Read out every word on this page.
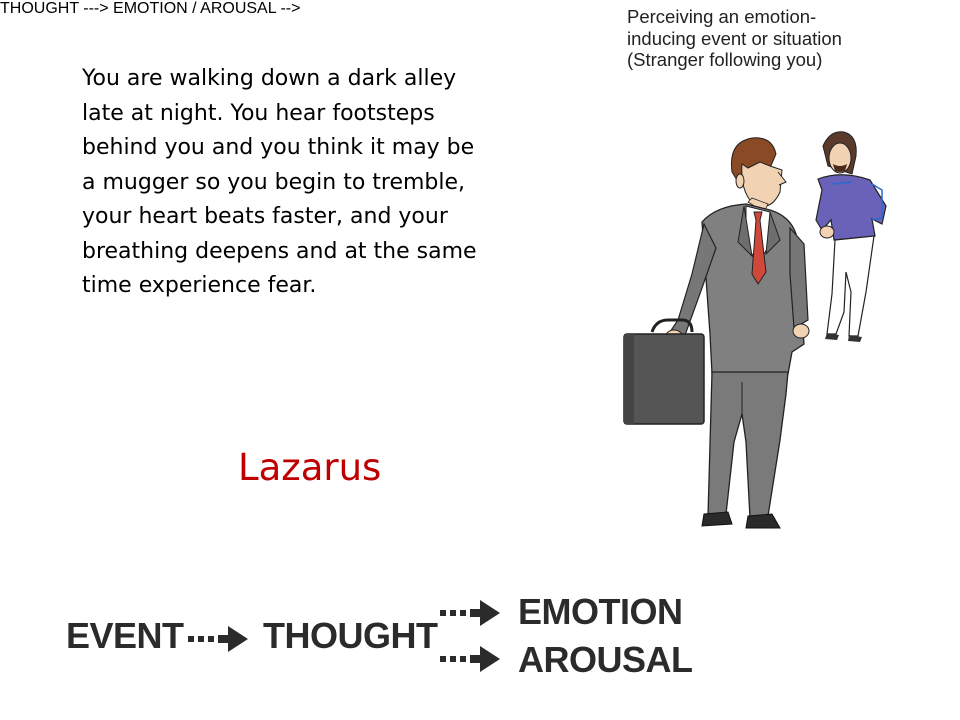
You are walking down a dark alley
late at night. You hear footsteps
behind you and you think it may be
a mugger so you begin to tremble,
your heart beats faster, and your
breathing deepens and at the same
time experience fear.

Lazarus
Perceiving an emotion-
inducing event or situation
(Stranger following you)
THOUGHT ---> EMOTION / AROUSAL -->
EVENT THOUGHT
EMOTION
AROUSAL
